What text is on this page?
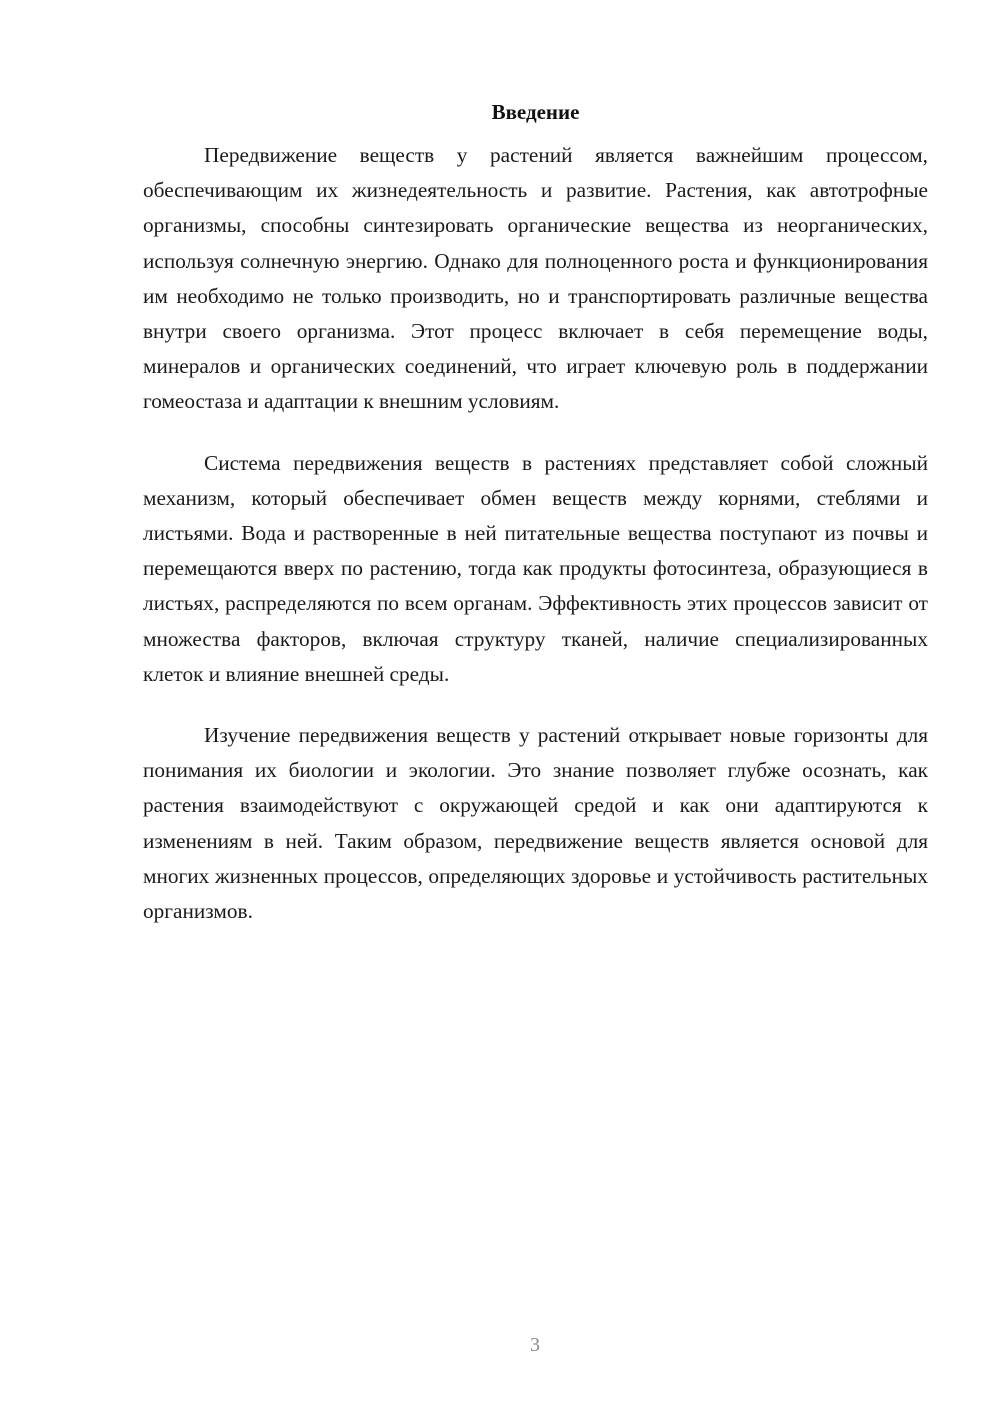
Введение

Передвижение веществ у растений является важнейшим процессом, обеспечивающим их жизнедеятельность и развитие. Растения, как автотрофные организмы, способны синтезировать органические вещества из неорганических, используя солнечную энергию. Однако для полноценного роста и функционирования им необходимо не только производить, но и транспортировать различные вещества внутри своего организма. Этот процесс включает в себя перемещение воды, минералов и органических соединений, что играет ключевую роль в поддержании гомеостаза и адаптации к внешним условиям.

Система передвижения веществ в растениях представляет собой сложный механизм, который обеспечивает обмен веществ между корнями, стеблями и листьями. Вода и растворенные в ней питательные вещества поступают из почвы и перемещаются вверх по растению, тогда как продукты фотосинтеза, образующиеся в листьях, распределяются по всем органам. Эффективность этих процессов зависит от множества факторов, включая структуру тканей, наличие специализированных клеток и влияние внешней среды.

Изучение передвижения веществ у растений открывает новые горизонты для понимания их биологии и экологии. Это знание позволяет глубже осознать, как растения взаимодействуют с окружающей средой и как они адаптируются к изменениям в ней. Таким образом, передвижение веществ является основой для многих жизненных процессов, определяющих здоровье и устойчивость растительных организмов.

3
